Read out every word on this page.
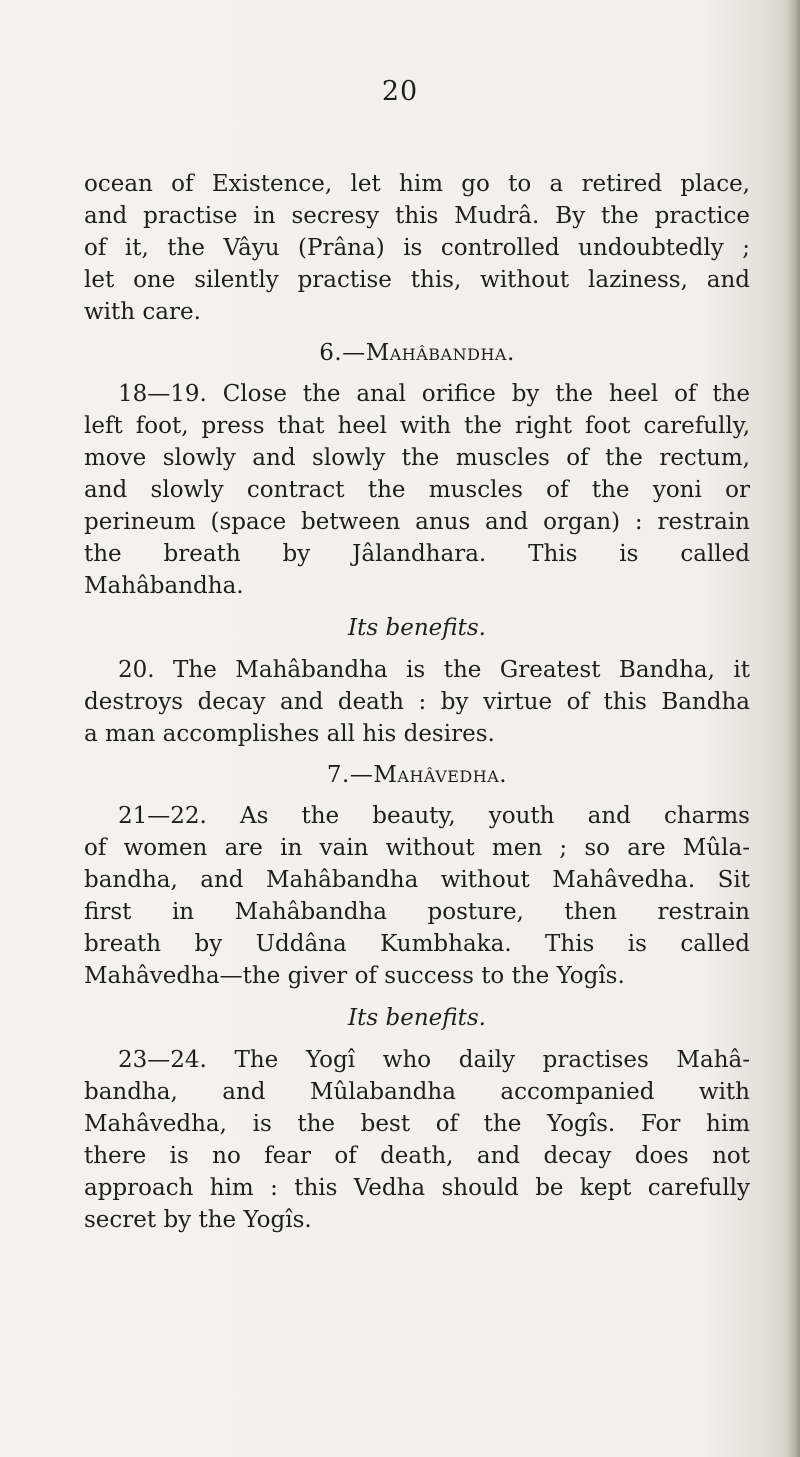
20
ocean of Existence, let him go to a retired place,
and practise in secresy this Mudrâ. By the practice
of it, the Vâyu (Prâna) is controlled undoubtedly ;
let one silently practise this, without laziness, and
with care.
6.—Mahâbandha.
18—19. Close the anal orifice by the heel of the
left foot, press that heel with the right foot carefully,
move slowly and slowly the muscles of the rectum,
and slowly contract the muscles of the yoni or
perineum (space between anus and organ) : restrain
the breath by Jâlandhara. This is called
Mahâbandha.
Its benefits.
20. The Mahâbandha is the Greatest Bandha, it
destroys decay and death : by virtue of this Bandha
a man accomplishes all his desires.
7.—Mahâvedha.
21—22. As the beauty, youth and charms
of women are in vain without men ; so are Mûla-
bandha, and Mahâbandha without Mahâvedha. Sit
first in Mahâbandha posture, then restrain
breath by Uddâna Kumbhaka. This is called
Mahâvedha—the giver of success to the Yogîs.
Its benefits.
23—24. The Yogî who daily practises Mahâ-
bandha, and Mûlabandha accompanied with
Mahâvedha, is the best of the Yogîs. For him
there is no fear of death, and decay does not
approach him : this Vedha should be kept carefully
secret by the Yogîs.
